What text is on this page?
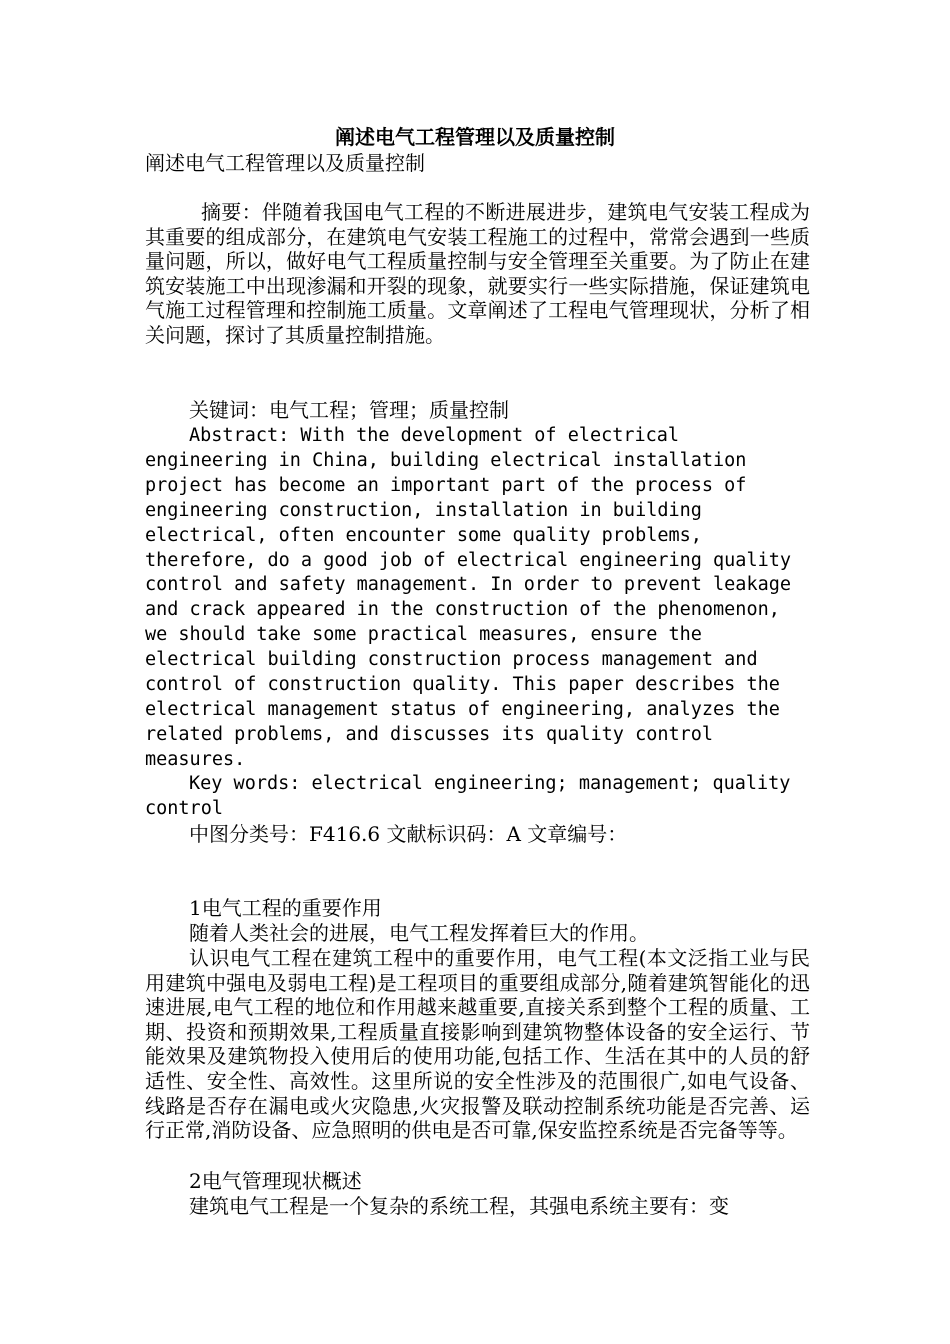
阐述电气工程管理以及质量控制
阐述电气工程管理以及质量控制
摘要：伴随着我国电气工程的不断进展进步，建筑电气安装工程成为其重要的组成部分，在建筑电气安装工程施工的过程中，常常会遇到一些质量问题，所以，做好电气工程质量控制与安全管理至关重要。为了防止在建筑安装施工中出现渗漏和开裂的现象，就要实行一些实际措施，保证建筑电气施工过程管理和控制施工质量。文章阐述了工程电气管理现状，分析了相关问题，探讨了其质量控制措施。
关键词：电气工程；管理；质量控制
Abstract: With the development of electrical engineering in China, building electrical installation project has become an important part of the process of engineering construction, installation in building electrical, often encounter some quality problems, therefore, do a good job of electrical engineering quality control and safety management. In order to prevent leakage and crack appeared in the construction of the phenomenon, we should take some practical measures, ensure the electrical building construction process management and control of construction quality. This paper describes the electrical management status of engineering, analyzes the related problems, and discusses its quality control measures.
Key words: electrical engineering; management; quality control
中图分类号：F416.6 文献标识码：A 文章编号：
1电气工程的重要作用
随着人类社会的进展，电气工程发挥着巨大的作用。
认识电气工程在建筑工程中的重要作用，电气工程(本文泛指工业与民用建筑中强电及弱电工程)是工程项目的重要组成部分,随着建筑智能化的迅速进展,电气工程的地位和作用越来越重要,直接关系到整个工程的质量、工期、投资和预期效果,工程质量直接影响到建筑物整体设备的安全运行、节能效果及建筑物投入使用后的使用功能,包括工作、生活在其中的人员的舒适性、安全性、高效性。这里所说的安全性涉及的范围很广,如电气设备、线路是否存在漏电或火灾隐患,火灾报警及联动控制系统功能是否完善、运行正常,消防设备、应急照明的供电是否可靠,保安监控系统是否完备等等。
2电气管理现状概述
建筑电气工程是一个复杂的系统工程，其强电系统主要有：变
